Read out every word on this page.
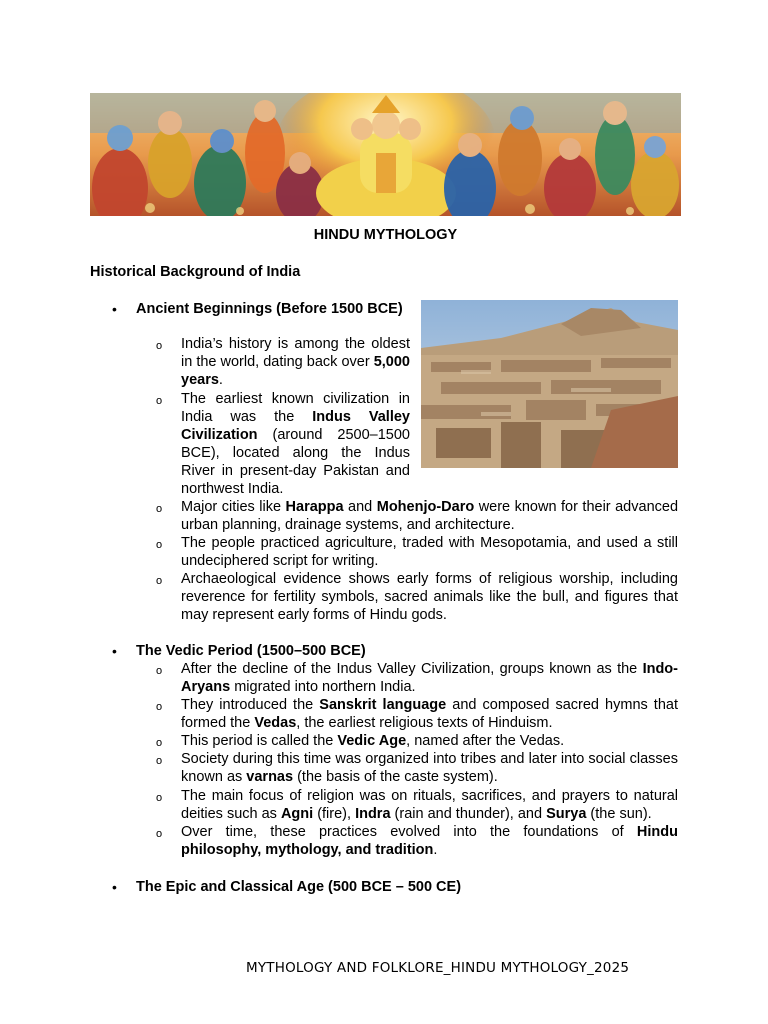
HINDU MYTHOLOGY
Historical Background of India
•	Ancient Beginnings (Before 1500 BCE)
o India’s history is among the oldest in the world, dating back over 5,000 years.
o The earliest known civilization in India was the Indus Valley Civilization (around 2500–1500 BCE), located along the Indus River in present-day Pakistan and northwest India.
o Major cities like Harappa and Mohenjo-Daro were known for their advanced urban planning, drainage systems, and architecture.
o The people practiced agriculture, traded with Mesopotamia, and used a still undeciphered script for writing.
o Archaeological evidence shows early forms of religious worship, including reverence for fertility symbols, sacred animals like the bull, and figures that may represent early forms of Hindu gods.
•	The Vedic Period (1500–500 BCE)
o After the decline of the Indus Valley Civilization, groups known as the Indo-Aryans migrated into northern India.
o They introduced the Sanskrit language and composed sacred hymns that formed the Vedas, the earliest religious texts of Hinduism.
o This period is called the Vedic Age, named after the Vedas.
o Society during this time was organized into tribes and later into social classes known as varnas (the basis of the caste system).
o The main focus of religion was on rituals, sacrifices, and prayers to natural deities such as Agni (fire), Indra (rain and thunder), and Surya (the sun).
o Over time, these practices evolved into the foundations of Hindu philosophy, mythology, and tradition.
•	The Epic and Classical Age (500 BCE – 500 CE)
MYTHOLOGY AND FOLKLORE_HINDU MYTHOLOGY_2025
